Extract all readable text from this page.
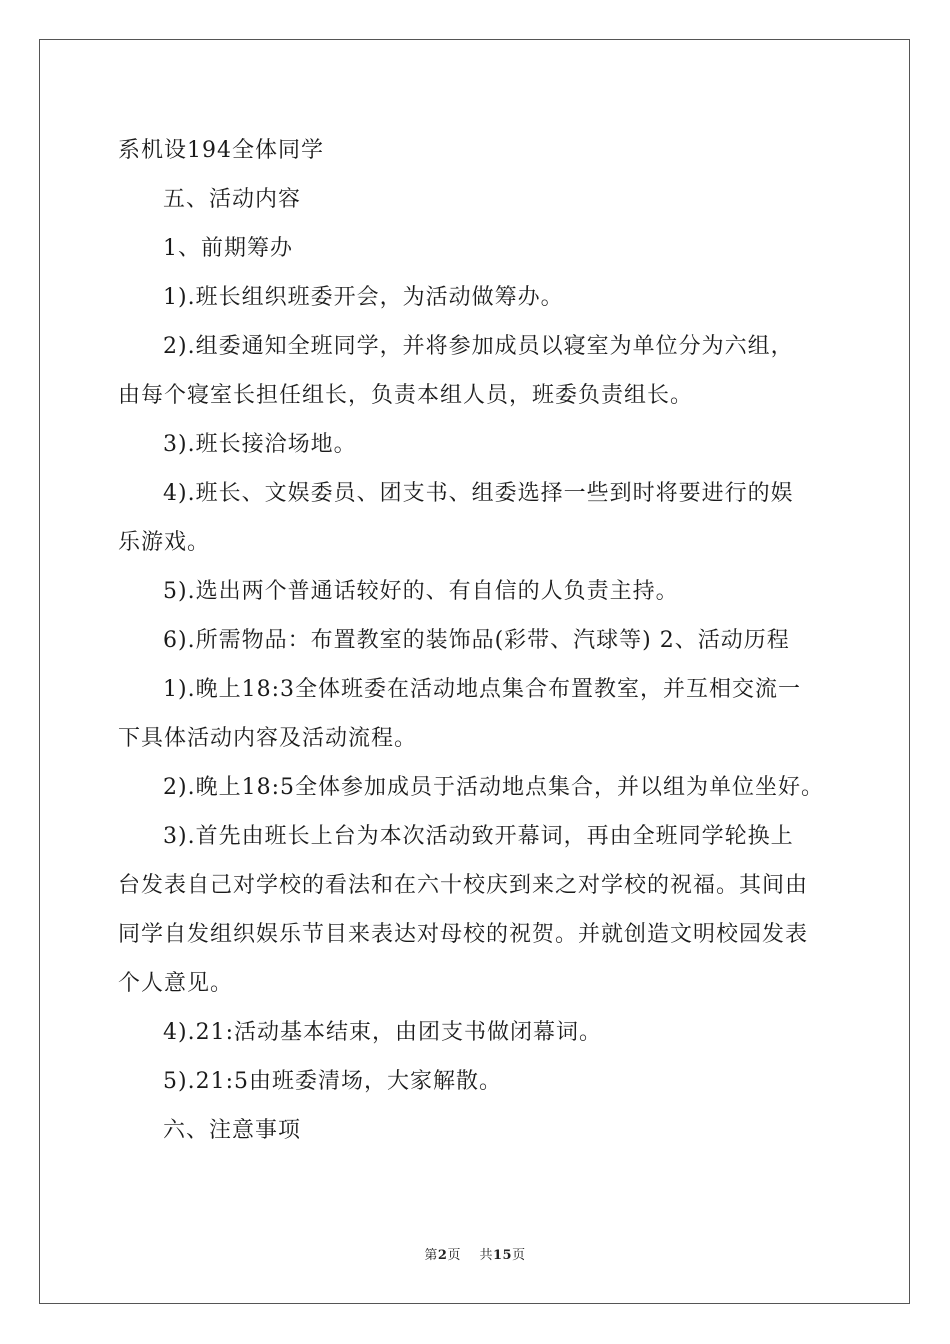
系机设194全体同学
五、活动内容
1、前期筹办
1).班长组织班委开会，为活动做筹办。
2).组委通知全班同学，并将参加成员以寝室为单位分为六组，
由每个寝室长担任组长，负责本组人员，班委负责组长。
3).班长接洽场地。
4).班长、文娱委员、团支书、组委选择一些到时将要进行的娱
乐游戏。
5).选出两个普通话较好的、有自信的人负责主持。
6).所需物品：布置教室的装饰品(彩带、汽球等) 2、活动历程
1).晚上18:3全体班委在活动地点集合布置教室，并互相交流一
下具体活动内容及活动流程。
2).晚上18:5全体参加成员于活动地点集合，并以组为单位坐好。
3).首先由班长上台为本次活动致开幕词，再由全班同学轮换上
台发表自己对学校的看法和在六十校庆到来之对学校的祝福。其间由
同学自发组织娱乐节目来表达对母校的祝贺。并就创造文明校园发表
个人意见。
4).21:活动基本结束，由团支书做闭幕词。
5).21:5由班委清场，大家解散。
六、注意事项
第2页 共15页
